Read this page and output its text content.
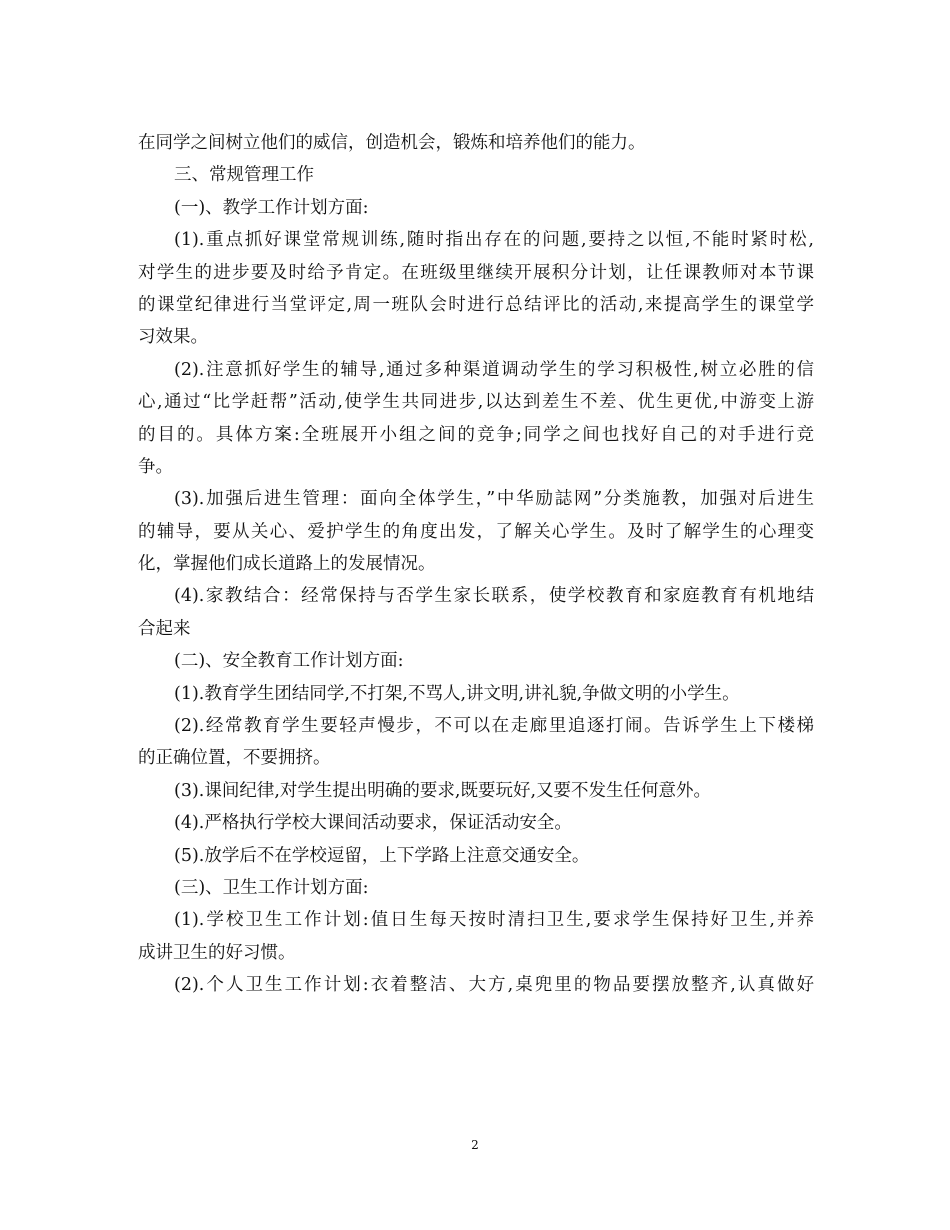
在同学之间树立他们的威信，创造机会，锻炼和培养他们的能力。
三、常规管理工作
(一)、教学工作计划方面:
(1).重点抓好课堂常规训练,随时指出存在的问题,要持之以恒,不能时紧时松,
对学生的进步要及时给予肯定。在班级里继续开展积分计划，让任课教师对本节课
的课堂纪律进行当堂评定,周一班队会时进行总结评比的活动,来提高学生的课堂学
习效果。
(2).注意抓好学生的辅导,通过多种渠道调动学生的学习积极性,树立必胜的信
心,通过“比学赶帮”活动,使学生共同进步,以达到差生不差、优生更优,中游变上游
的目的。具体方案:全班展开小组之间的竞争;同学之间也找好自己的对手进行竞
争。
(3).加强后进生管理：面向全体学生，”中华励誌网”分类施教，加强对后进生
的辅导，要从关心、爱护学生的角度出发，了解关心学生。及时了解学生的心理变
化，掌握他们成长道路上的发展情况。
(4).家教结合：经常保持与否学生家长联系，使学校教育和家庭教育有机地结
合起来
(二)、安全教育工作计划方面:
(1).教育学生团结同学,不打架,不骂人,讲文明,讲礼貌,争做文明的小学生。
(2).经常教育学生要轻声慢步，不可以在走廊里追逐打闹。告诉学生上下楼梯
的正确位置，不要拥挤。
(3).课间纪律,对学生提出明确的要求,既要玩好,又要不发生任何意外。
(4).严格执行学校大课间活动要求，保证活动安全。
(5).放学后不在学校逗留，上下学路上注意交通安全。
(三)、卫生工作计划方面:
(1).学校卫生工作计划:值日生每天按时清扫卫生,要求学生保持好卫生,并养
成讲卫生的好习惯。
(2).个人卫生工作计划:衣着整洁、大方,桌兜里的物品要摆放整齐,认真做好
2
